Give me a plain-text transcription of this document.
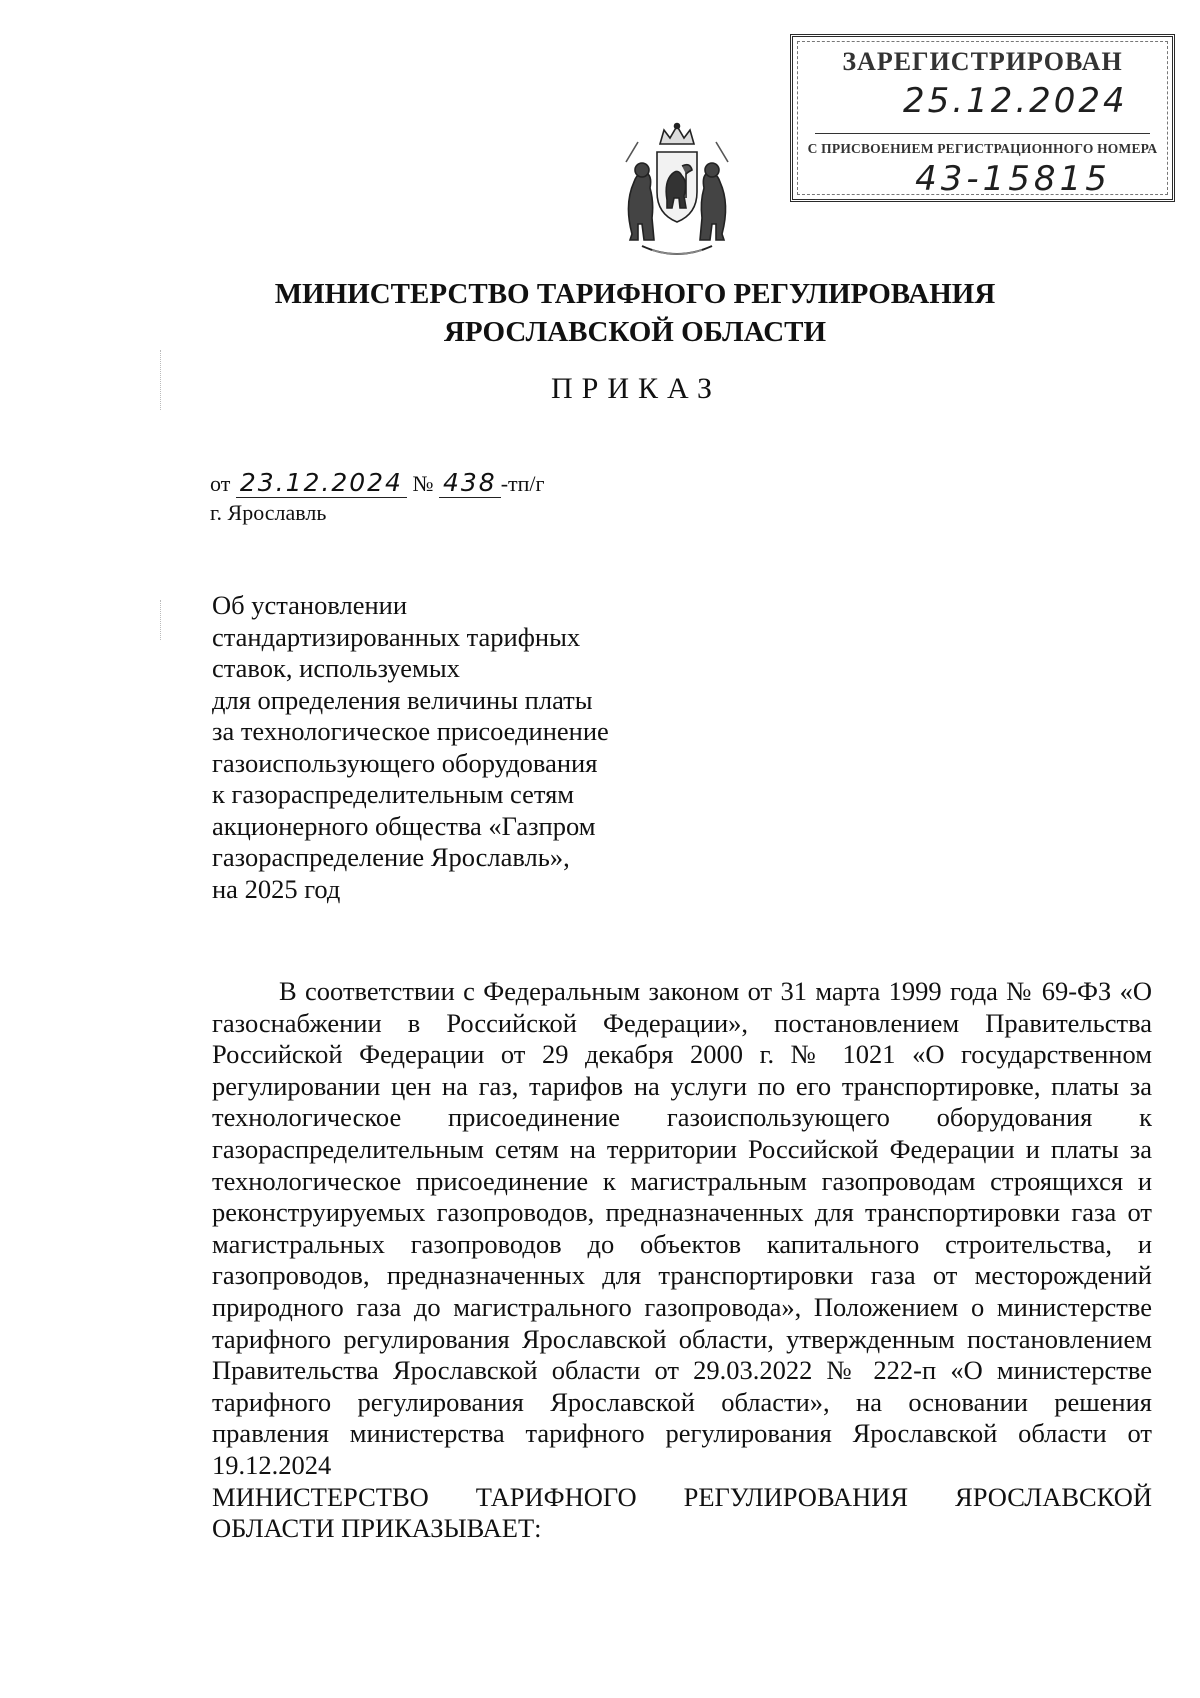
ЗАРЕГИСТРИРОВАН
25.12.2024
С ПРИСВОЕНИЕМ РЕГИСТРАЦИОННОГО НОМЕРА
43-15815
МИНИСТЕРСТВО ТАРИФНОГО РЕГУЛИРОВАНИЯ
ЯРОСЛАВСКОЙ ОБЛАСТИ
ПРИКАЗ
от 23.12.2024 № 438 -тп/г
г. Ярославль
Об установлении
стандартизированных тарифных
ставок, используемых
для определения величины платы
за технологическое присоединение
газоиспользующего оборудования
к газораспределительным сетям
акционерного общества «Газпром
газораспределение Ярославль»,
на 2025 год
В соответствии с Федеральным законом от 31 марта 1999 года № 69-ФЗ «О газоснабжении в Российской Федерации», постановлением Правительства Российской Федерации от 29 декабря 2000 г. № 1021 «О государственном регулировании цен на газ, тарифов на услуги по его транспортировке, платы за технологическое присоединение газоиспользующего оборудования к газораспределительным сетям на территории Российской Федерации и платы за технологическое присоединение к магистральным газопроводам строящихся и реконструируемых газопроводов, предназначенных для транспортировки газа от магистральных газопроводов до объектов капитального строительства, и газопроводов, предназначенных для транспортировки газа от месторождений природного газа до магистрального газопровода», Положением о министерстве тарифного регулирования Ярославской области, утвержденным постановлением Правительства Ярославской области от 29.03.2022 № 222-п «О министерстве тарифного регулирования Ярославской области», на основании решения правления министерства тарифного регулирования Ярославской области от 19.12.2024
МИНИСТЕРСТВО ТАРИФНОГО РЕГУЛИРОВАНИЯ ЯРОСЛАВСКОЙ
ОБЛАСТИ ПРИКАЗЫВАЕТ:
